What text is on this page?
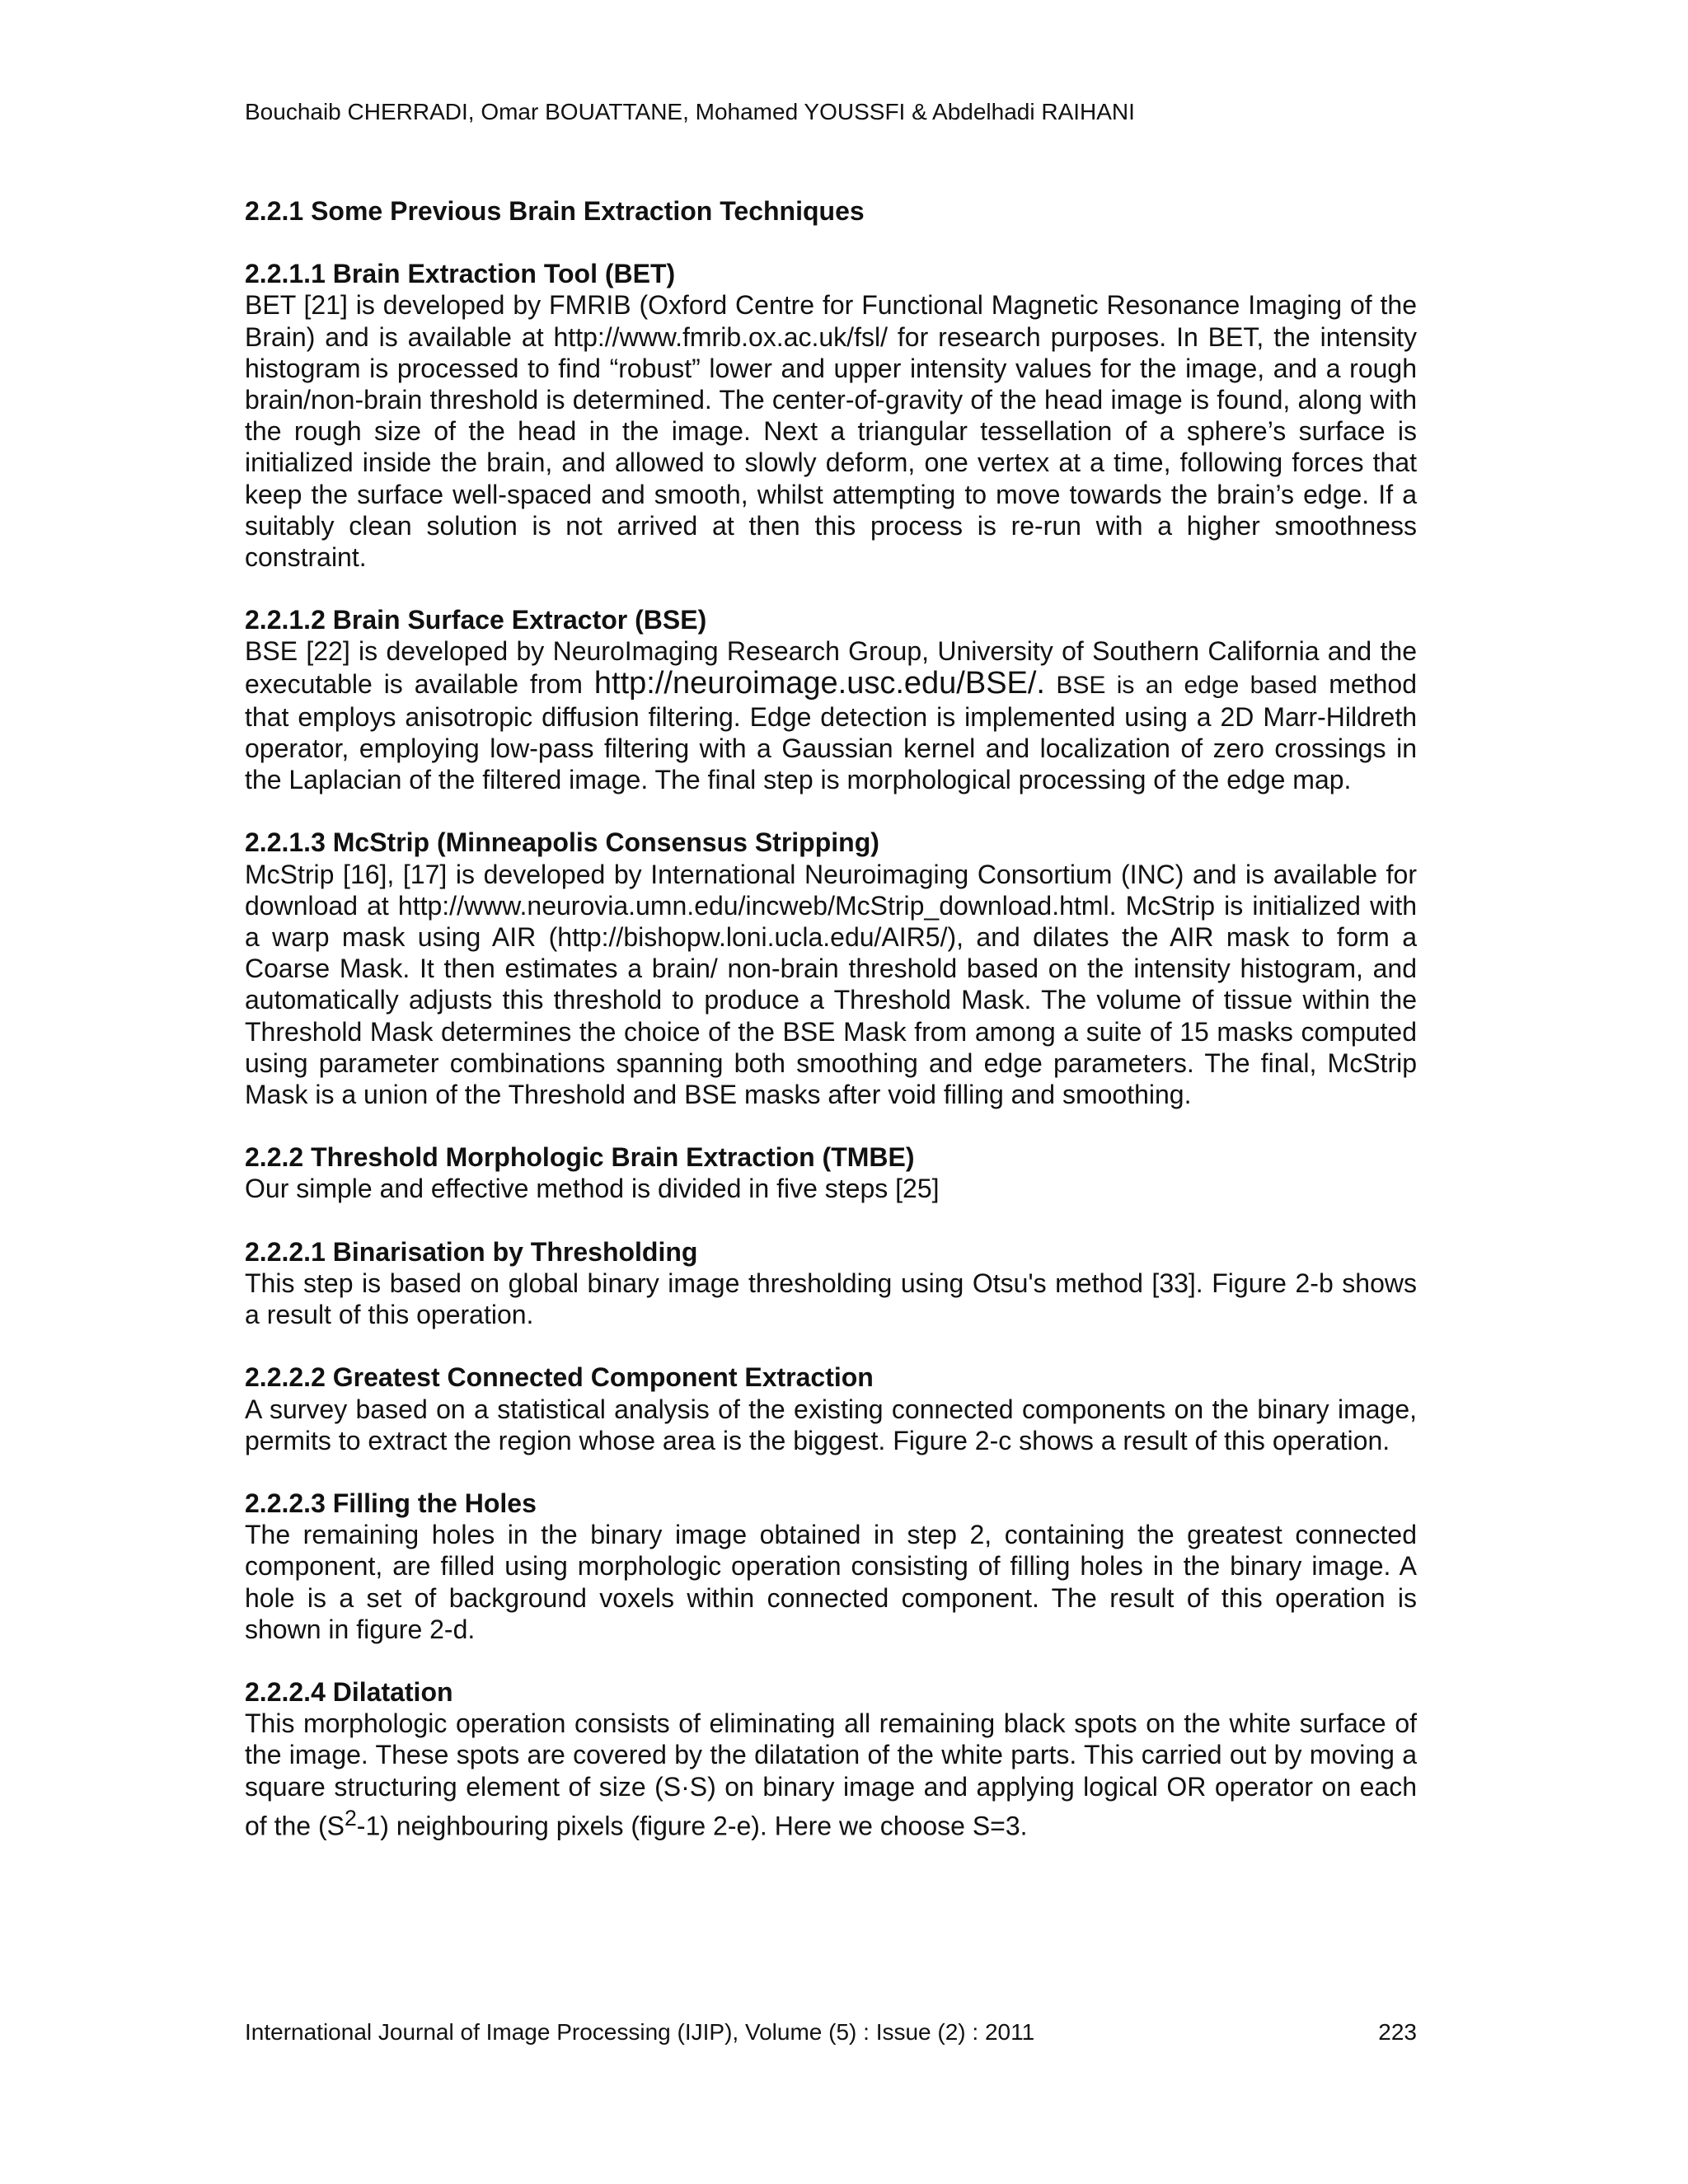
Bouchaib CHERRADI, Omar BOUATTANE, Mohamed YOUSSFI & Abdelhadi RAIHANI

2.2.1 Some Previous Brain Extraction Techniques

2.2.1.1 Brain Extraction Tool (BET)
BET [21] is developed by FMRIB (Oxford Centre for Functional Magnetic Resonance Imaging of the Brain) and is available at http://www.fmrib.ox.ac.uk/fsl/ for research purposes. In BET, the intensity histogram is processed to find “robust” lower and upper intensity values for the image, and a rough brain/non-brain threshold is determined. The center-of-gravity of the head image is found, along with the rough size of the head in the image. Next a triangular tessellation of a sphere’s surface is initialized inside the brain, and allowed to slowly deform, one vertex at a time, following forces that keep the surface well-spaced and smooth, whilst attempting to move towards the brain’s edge. If a suitably clean solution is not arrived at then this process is re-run with a higher smoothness constraint.

2.2.1.2 Brain Surface Extractor (BSE)
BSE [22] is developed by NeuroImaging Research Group, University of Southern California and the executable is available from http://neuroimage.usc.edu/BSE/. BSE is an edge based method that employs anisotropic diffusion filtering. Edge detection is implemented using a 2D Marr-Hildreth operator, employing low-pass filtering with a Gaussian kernel and localization of zero crossings in the Laplacian of the filtered image. The final step is morphological processing of the edge map.

2.2.1.3 McStrip (Minneapolis Consensus Stripping)
McStrip [16], [17] is developed by International Neuroimaging Consortium (INC) and is available for download at http://www.neurovia.umn.edu/incweb/McStrip_download.html. McStrip is initialized with a warp mask using AIR (http://bishopw.loni.ucla.edu/AIR5/), and dilates the AIR mask to form a Coarse Mask. It then estimates a brain/ non-brain threshold based on the intensity histogram, and automatically adjusts this threshold to produce a Threshold Mask. The volume of tissue within the Threshold Mask determines the choice of the BSE Mask from among a suite of 15 masks computed using parameter combinations spanning both smoothing and edge parameters. The final, McStrip Mask is a union of the Threshold and BSE masks after void filling and smoothing.

2.2.2 Threshold Morphologic Brain Extraction (TMBE)
Our simple and effective method is divided in five steps [25]

2.2.2.1 Binarisation by Thresholding
This step is based on global binary image thresholding using Otsu's method [33]. Figure 2-b shows a result of this operation.

2.2.2.2 Greatest Connected Component Extraction
A survey based on a statistical analysis of the existing connected components on the binary image, permits to extract the region whose area is the biggest. Figure 2-c shows a result of this operation.

2.2.2.3 Filling the Holes
The remaining holes in the binary image obtained in step 2, containing the greatest connected component, are filled using morphologic operation consisting of filling holes in the binary image. A hole is a set of background voxels within connected component. The result of this operation is shown in figure 2-d.

2.2.2.4 Dilatation
This morphologic operation consists of eliminating all remaining black spots on the white surface of the image. These spots are covered by the dilatation of the white parts. This carried out by moving a square structuring element of size (S·S) on binary image and applying logical OR operator on each of the $(S^2-1)$ neighbouring pixels (figure 2-e). Here we choose S=3.

International Journal of Image Processing (IJIP), Volume (5) : Issue (2) : 2011	223
